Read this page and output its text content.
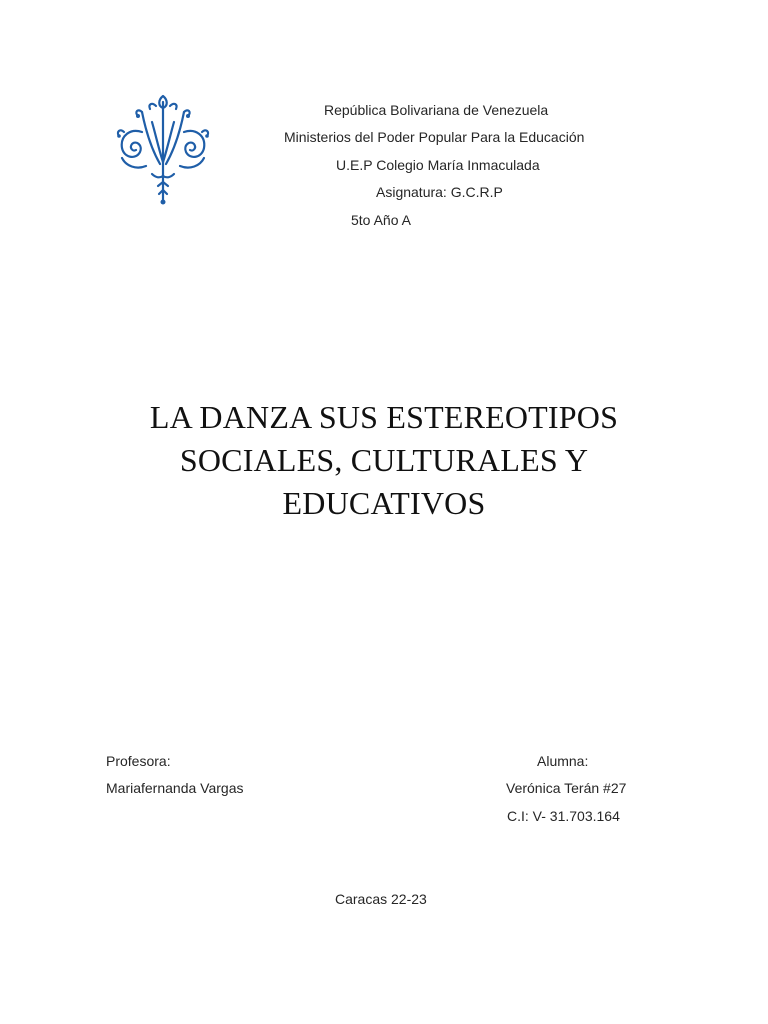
República Bolivariana de Venezuela
Ministerios del Poder Popular Para la Educación
U.E.P Colegio María Inmaculada
Asignatura: G.C.R.P
5to Año A
LA DANZA SUS ESTEREOTIPOS
SOCIALES, CULTURALES Y
EDUCATIVOS
Profesora:
Mariafernanda Vargas
Alumna:
Verónica Terán #27
C.I: V- 31.703.164
Caracas 22-23
